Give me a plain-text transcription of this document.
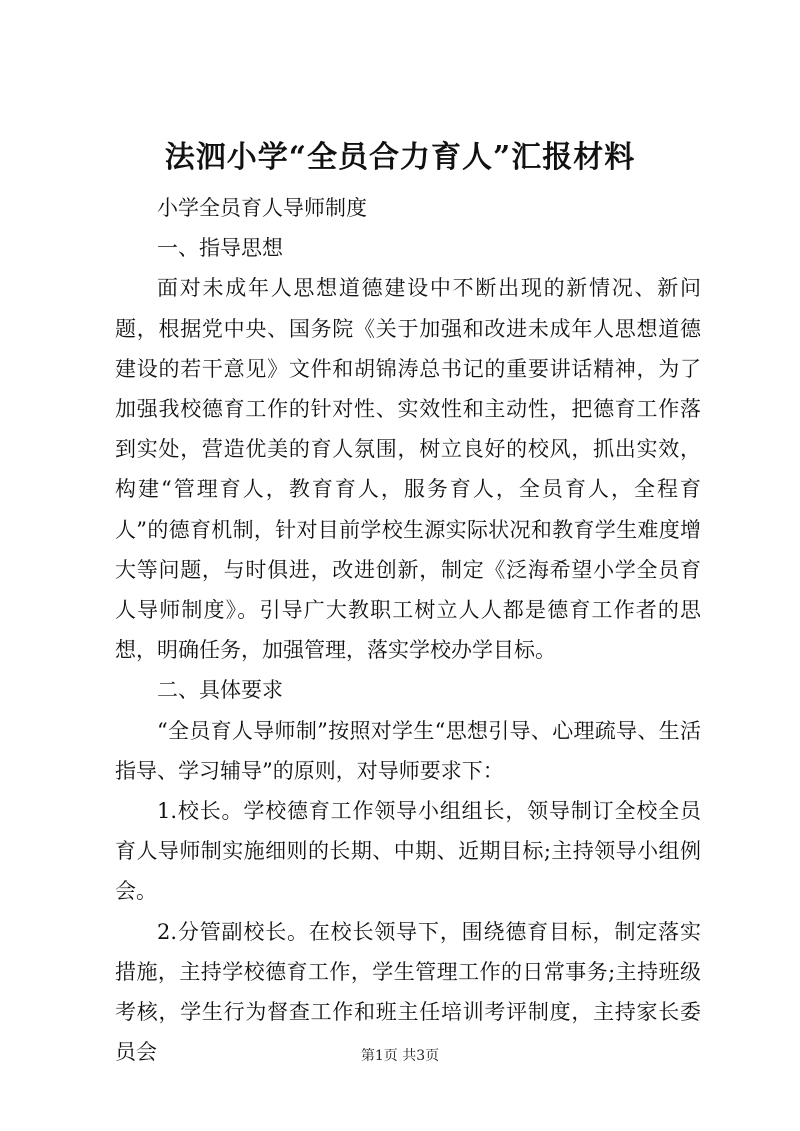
法泗小学“全员合力育人”汇报材料

小学全员育人导师制度

一、指导思想

面对未成年人思想道德建设中不断出现的新情况、新问题，根据党中央、国务院《关于加强和改进未成年人思想道德建设的若干意见》文件和胡锦涛总书记的重要讲话精神，为了加强我校德育工作的针对性、实效性和主动性，把德育工作落到实处，营造优美的育人氛围，树立良好的校风，抓出实效，构建“管理育人，教育育人，服务育人，全员育人，全程育人”的德育机制，针对目前学校生源实际状况和教育学生难度增大等问题，与时俱进，改进创新，制定《泛海希望小学全员育人导师制度》。引导广大教职工树立人人都是德育工作者的思想，明确任务，加强管理，落实学校办学目标。

二、具体要求

“全员育人导师制”按照对学生“思想引导、心理疏导、生活指导、学习辅导”的原则，对导师要求下：

1.校长。学校德育工作领导小组组长，领导制订全校全员育人导师制实施细则的长期、中期、近期目标;主持领导小组例会。

2.分管副校长。在校长领导下，围绕德育目标，制定落实措施，主持学校德育工作，学生管理工作的日常事务;主持班级考核，学生行为督查工作和班主任培训考评制度，主持家长委员会	第1页 共3页
